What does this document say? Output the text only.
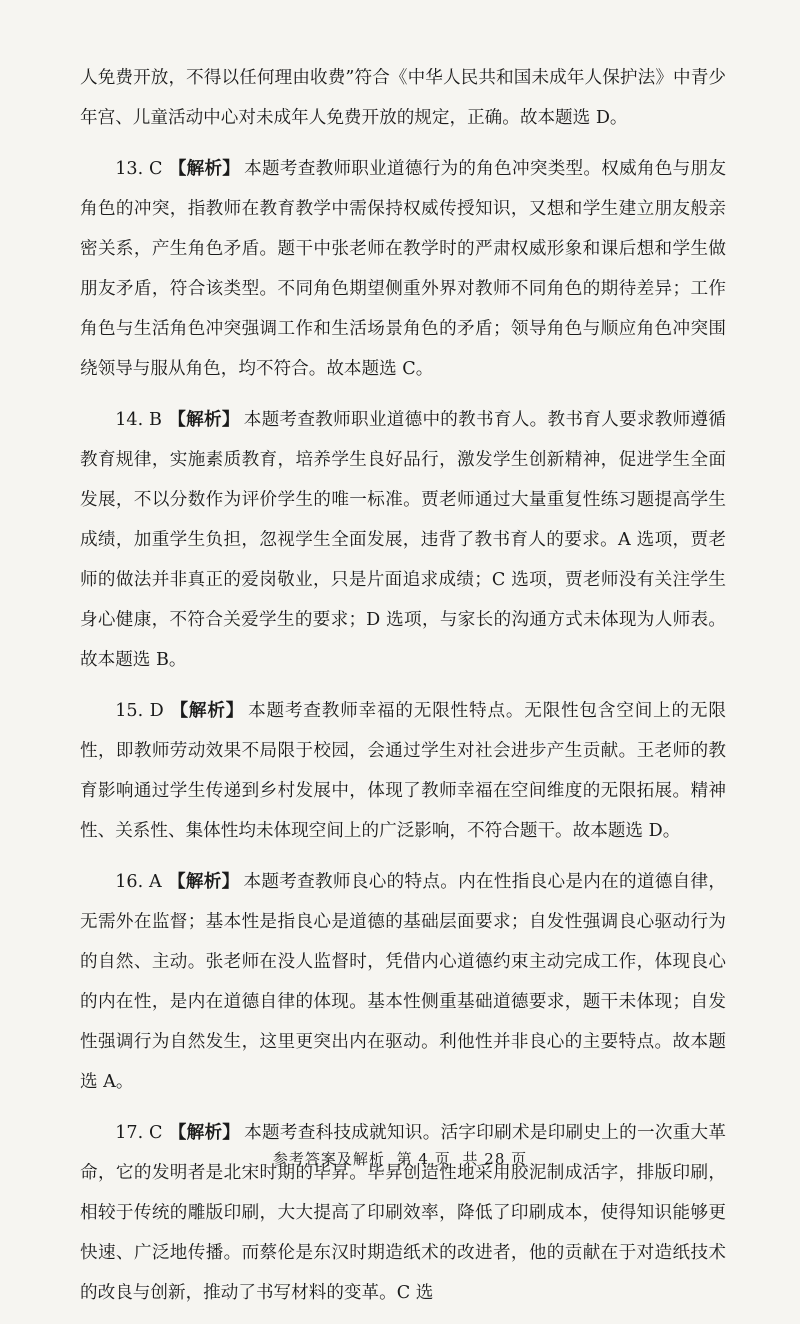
人免费开放，不得以任何理由收费”符合《中华人民共和国未成年人保护法》中青少年宫、儿童活动中心对未成年人免费开放的规定，正确。故本题选 D。

13. C 【解析】 本题考查教师职业道德行为的角色冲突类型。权威角色与朋友角色的冲突，指教师在教育教学中需保持权威传授知识，又想和学生建立朋友般亲密关系，产生角色矛盾。题干中张老师在教学时的严肃权威形象和课后想和学生做朋友矛盾，符合该类型。不同角色期望侧重外界对教师不同角色的期待差异；工作角色与生活角色冲突强调工作和生活场景角色的矛盾；领导角色与顺应角色冲突围绕领导与服从角色，均不符合。故本题选 C。

14. B 【解析】 本题考查教师职业道德中的教书育人。教书育人要求教师遵循教育规律，实施素质教育，培养学生良好品行，激发学生创新精神，促进学生全面发展，不以分数作为评价学生的唯一标准。贾老师通过大量重复性练习题提高学生成绩，加重学生负担，忽视学生全面发展，违背了教书育人的要求。A 选项，贾老师的做法并非真正的爱岗敬业，只是片面追求成绩；C 选项，贾老师没有关注学生身心健康，不符合关爱学生的要求；D 选项，与家长的沟通方式未体现为人师表。故本题选 B。

15. D 【解析】 本题考查教师幸福的无限性特点。无限性包含空间上的无限性，即教师劳动效果不局限于校园，会通过学生对社会进步产生贡献。王老师的教育影响通过学生传递到乡村发展中，体现了教师幸福在空间维度的无限拓展。精神性、关系性、集体性均未体现空间上的广泛影响，不符合题干。故本题选 D。

16. A 【解析】 本题考查教师良心的特点。内在性指良心是内在的道德自律，无需外在监督；基本性是指良心是道德的基础层面要求；自发性强调良心驱动行为的自然、主动。张老师在没人监督时，凭借内心道德约束主动完成工作，体现良心的内在性，是内在道德自律的体现。基本性侧重基础道德要求，题干未体现；自发性强调行为自然发生，这里更突出内在驱动。利他性并非良心的主要特点。故本题选 A。

17. C 【解析】 本题考查科技成就知识。活字印刷术是印刷史上的一次重大革命，它的发明者是北宋时期的毕昇。毕昇创造性地采用胶泥制成活字，排版印刷，相较于传统的雕版印刷，大大提高了印刷效率，降低了印刷成本，使得知识能够更快速、广泛地传播。而蔡伦是东汉时期造纸术的改进者，他的贡献在于对造纸技术的改良与创新，推动了书写材料的变革。C 选

参考答案及解析 第 4 页 共 28 页
